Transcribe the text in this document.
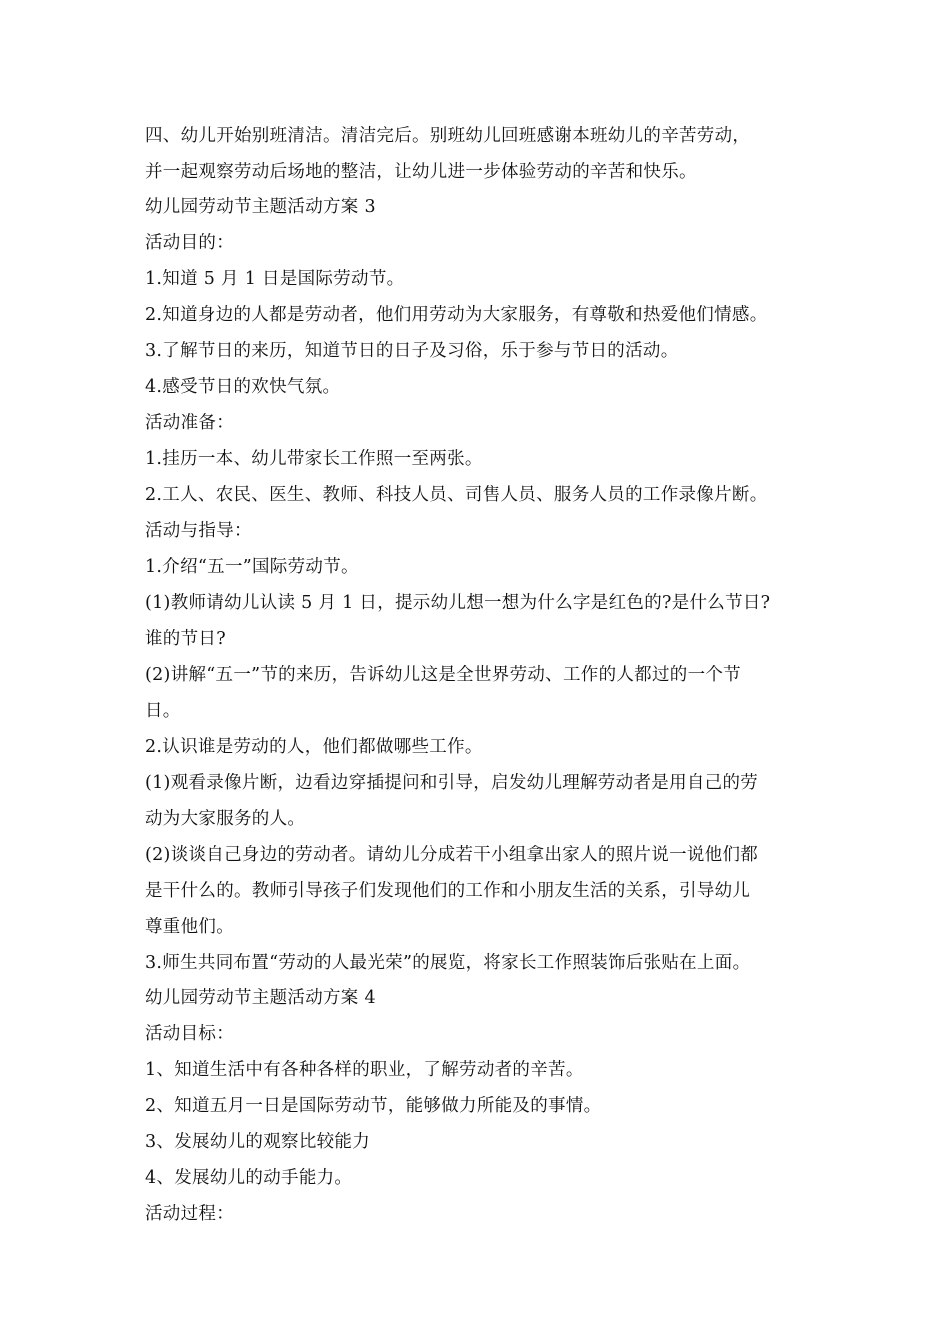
四、幼儿开始别班清洁。清洁完后。别班幼儿回班感谢本班幼儿的辛苦劳动，
并一起观察劳动后场地的整洁，让幼儿进一步体验劳动的辛苦和快乐。
幼儿园劳动节主题活动方案 3
活动目的：
1.知道 5 月 1 日是国际劳动节。
2.知道身边的人都是劳动者，他们用劳动为大家服务，有尊敬和热爱他们情感。
3.了解节日的来历，知道节日的日子及习俗，乐于参与节日的活动。
4.感受节日的欢快气氛。
活动准备：
1.挂历一本、幼儿带家长工作照一至两张。
2.工人、农民、医生、教师、科技人员、司售人员、服务人员的工作录像片断。
活动与指导：
1.介绍“五一”国际劳动节。
(1)教师请幼儿认读 5 月 1 日，提示幼儿想一想为什么字是红色的?是什么节日?
谁的节日?
(2)讲解“五一”节的来历，告诉幼儿这是全世界劳动、工作的人都过的一个节
日。
2.认识谁是劳动的人，他们都做哪些工作。
(1)观看录像片断，边看边穿插提问和引导，启发幼儿理解劳动者是用自己的劳
动为大家服务的人。
(2)谈谈自己身边的劳动者。请幼儿分成若干小组拿出家人的照片说一说他们都
是干什么的。教师引导孩子们发现他们的工作和小朋友生活的关系，引导幼儿
尊重他们。
3.师生共同布置“劳动的人最光荣”的展览，将家长工作照装饰后张贴在上面。
幼儿园劳动节主题活动方案 4
活动目标：
1、知道生活中有各种各样的职业，了解劳动者的辛苦。
2、知道五月一日是国际劳动节，能够做力所能及的事情。
3、发展幼儿的观察比较能力
4、发展幼儿的动手能力。
活动过程：
